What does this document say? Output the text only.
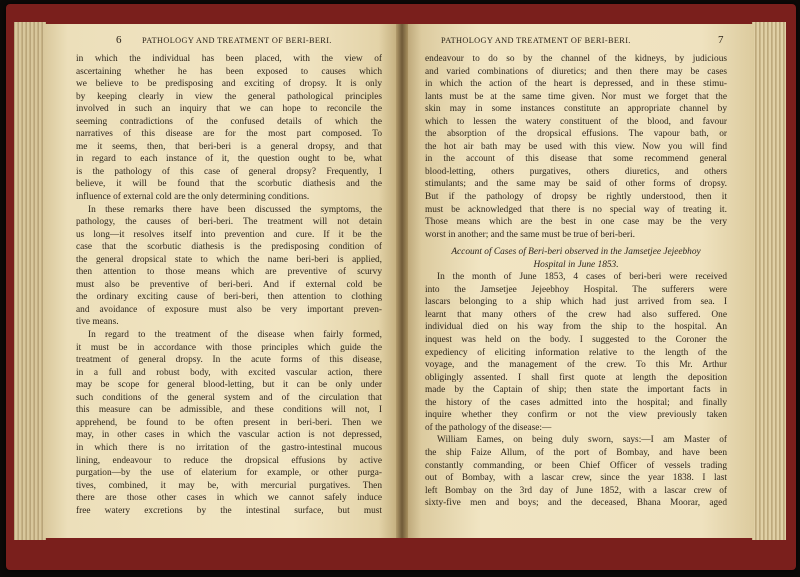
6 PATHOLOGY AND TREATMENT OF BERI-BERI.	PATHOLOGY AND TREATMENT OF BERI-BERI.	7
in which the individual has been placed, with the view of
ascertaining whether he has been exposed to causes which
we believe to be predisposing and exciting of dropsy. It is only
by keeping clearly in view the general pathological principles
involved in such an inquiry that we can hope to reconcile the
seeming contradictions of the confused details of which the
narratives of this disease are for the most part composed. To
me it seems, then, that beri-beri is a general dropsy, and that
in regard to each instance of it, the question ought to be, what
is the pathology of this case of general dropsy? Frequently, I
believe, it will be found that the scorbutic diathesis and the
influence of external cold are the only determining conditions.
In these remarks there have been discussed the symptoms, the
pathology, the causes of beri-beri. The treatment will not detain
us long—it resolves itself into prevention and cure. If it be the
case that the scorbutic diathesis is the predisposing condition of
the general dropsical state to which the name beri-beri is applied,
then attention to those means which are preventive of scurvy
must also be preventive of beri-beri. And if external cold be
the ordinary exciting cause of beri-beri, then attention to clothing
and avoidance of exposure must also be very important preven-
tive means.
In regard to the treatment of the disease when fairly formed,
it must be in accordance with those principles which guide the
treatment of general dropsy. In the acute forms of this disease,
in a full and robust body, with excited vascular action, there
may be scope for general blood-letting, but it can be only under
such conditions of the general system and of the circulation that
this measure can be admissible, and these conditions will not, I
apprehend, be found to be often present in beri-beri. Then we
may, in other cases in which the vascular action is not depressed,
in which there is no irritation of the gastro-intestinal mucous
lining, endeavour to reduce the dropsical effusions by active
purgation—by the use of elaterium for example, or other purga-
tives, combined, it may be, with mercurial purgatives. Then
there are those other cases in which we cannot safely induce
free watery excretions by the intestinal surface, but must
endeavour to do so by the channel of the kidneys, by judicious
and varied combinations of diuretics; and then there may be cases
in which the action of the heart is depressed, and in these stimu-
lants must be at the same time given. Nor must we forget that the
skin may in some instances constitute an appropriate channel by
which to lessen the watery constituent of the blood, and favour
the absorption of the dropsical effusions. The vapour bath, or
the hot air bath may be used with this view. Now you will find
in the account of this disease that some recommend general
blood-letting, others purgatives, others diuretics, and others
stimulants; and the same may be said of other forms of dropsy.
But if the pathology of dropsy be rightly understood, then it
must be acknowledged that there is no special way of treating it.
Those means which are the best in one case may be the very
worst in another; and the same must be true of beri-beri.
Account of Cases of Beri-beri observed in the Jamsetjee Jejeebhoy
Hospital in June 1853.
In the month of June 1853, 4 cases of beri-beri were received
into the Jamsetjee Jejeebhoy Hospital. The sufferers were
lascars belonging to a ship which had just arrived from sea. I
learnt that many others of the crew had also suffered. One
individual died on his way from the ship to the hospital. An
inquest was held on the body. I suggested to the Coroner the
expediency of eliciting information relative to the length of the
voyage, and the management of the crew. To this Mr. Arthur
obligingly assented. I shall first quote at length the deposition
made by the Captain of ship; then state the important facts in
the history of the cases admitted into the hospital; and finally
inquire whether they confirm or not the view previously taken
of the pathology of the disease:—
William Eames, on being duly sworn, says:—I am Master of
the ship Faize Allum, of the port of Bombay, and have been
constantly commanding, or been Chief Officer of vessels trading
out of Bombay, with a lascar crew, since the year 1838. I last
left Bombay on the 3rd day of June 1852, with a lascar crew of
sixty-five men and boys; and the deceased, Bhana Moorar, aged
